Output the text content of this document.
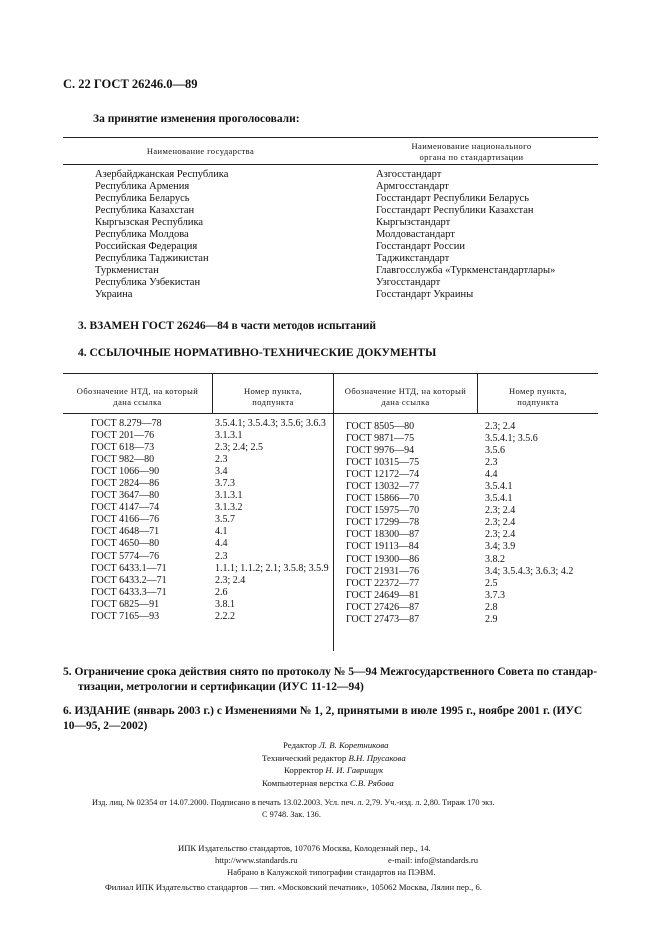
С. 22 ГОСТ 26246.0—89
За принятие изменения проголосовали:
Наименование государства	Наименование национального
органа по стандартизации
Азербайджанская Республика
Республика Армения
Республика Беларусь
Республика Казахстан
Кыргызская Республика
Республика Молдова
Российская Федерация
Республика Таджикистан
Туркменистан
Республика Узбекистан
Украина
Азгосстандарт
Армгосстандарт
Госстандарт Республики Беларусь
Госстандарт Республики Казахстан
Кыргызстандарт
Молдовастандарт
Госстандарт России
Таджикстандарт
Главгосслужба «Туркменстандартлары»
Узгосстандарт
Госстандарт Украины
3. ВЗАМЕН ГОСТ 26246—84 в части методов испытаний
4. ССЫЛОЧНЫЕ НОРМАТИВНО-ТЕХНИЧЕСКИЕ ДОКУМЕНТЫ
Обозначение НТД, на который
дана ссылка
Номер пункта,
подпункта
Обозначение НТД, на который
дана ссылка
Номер пункта,
подпункта
ГОСТ 8.279—78
ГОСТ 201—76
ГОСТ 618—73
ГОСТ 982—80
ГОСТ 1066—90
ГОСТ 2824—86
ГОСТ 3647—80
ГОСТ 4147—74
ГОСТ 4166—76
ГОСТ 4648—71
ГОСТ 4650—80
ГОСТ 5774—76
ГОСТ 6433.1—71
ГОСТ 6433.2—71
ГОСТ 6433.3—71
ГОСТ 6825—91
ГОСТ 7165—93
3.5.4.1; 3.5.4.3; 3.5.6; 3.6.3
3.1.3.1
2.3; 2.4; 2.5
2.3
3.4
3.7.3
3.1.3.1
3.1.3.2
3.5.7
4.1
4.4
2.3
1.1.1; 1.1.2; 2.1; 3.5.8; 3.5.9
2.3; 2.4
2.6
3.8.1
2.2.2
ГОСТ 8505—80
ГОСТ 9871—75
ГОСТ 9976—94
ГОСТ 10315—75
ГОСТ 12172—74
ГОСТ 13032—77
ГОСТ 15866—70
ГОСТ 15975—70
ГОСТ 17299—78
ГОСТ 18300—87
ГОСТ 19113—84
ГОСТ 19300—86
ГОСТ 21931—76
ГОСТ 22372—77
ГОСТ 24649—81
ГОСТ 27426—87
ГОСТ 27473—87
2.3; 2.4
3.5.4.1; 3.5.6
3.5.6
2.3
4.4
3.5.4.1
3.5.4.1
2.3; 2.4
2.3; 2.4
2.3; 2.4
3.4; 3.9
3.8.2
3.4; 3.5.4.3; 3.6.3; 4.2
2.5
3.7.3
2.8
2.9
5. Ограничение срока действия снято по протоколу № 5—94 Межгосударственного Совета по стандар-
тизации, метрологии и сертификации (ИУС 11-12—94)
6. ИЗДАНИЕ (январь 2003 г.) с Изменениями № 1, 2, принятыми в июле 1995 г., ноябре 2001 г. (ИУС
10—95, 2—2002)
Редактор Л. В. Коретникова
Технический редактор В.Н. Прусакова
Корректор Н. И. Гаврищук
Компьютерная верстка С.В. Рябова
Изд. лиц. № 02354 от 14.07.2000. Подписано в печать 13.02.2003. Усл. печ. л. 2,79. Уч.-изд. л. 2,80. Тираж 170 экз.
С 9748. Зак. 136.
ИПК Издательство стандартов, 107076 Москва, Колодезный пер., 14.
http://www.standards.ru	e-mail: info@standards.ru
Набрано в Калужской типографии стандартов на ПЭВМ.
Филиал ИПК Издательство стандартов — тип. «Московский печатник», 105062 Москва, Лялин пер., 6.
